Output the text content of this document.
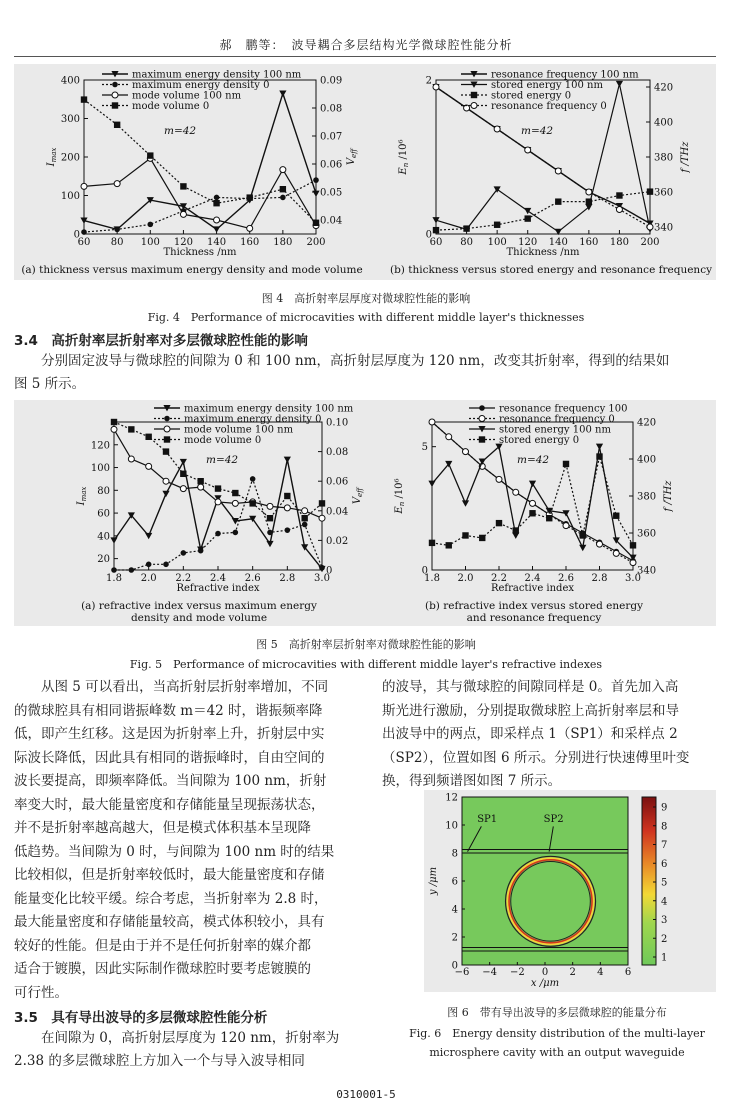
郝　鹏等：　波导耦合多层结构光学微球腔性能分析
(a) thickness versus maximum energy density and mode volume
60 80 100 120 140 160 180 200
0
100
200
300
400
0.04
0.05
0.06
0.07
0.08
0.09
Thickness /nm
$I_{max}$	$V_{eff}$
m=42
maximum energy density 100 nm
maximum energy density 0
mode volume 100 nm
mode volume 0
(b) thickness versus stored energy and resonance frequency
60 80 100 120 140 160 180 200
0
2
340
360
380
400
420
Thickness /nm
$E_n$ /10⁶	f /THz
m=42
resonance frequency 100 nm
stored energy 100 nm
stored energy 0
resonance frequency 0
图 4　高折射率层厚度对微球腔性能的影响
Fig. 4　Performance of microcavities with different middle layer's thicknesses
3.4　高折射率层折射率对多层微球腔性能的影响
分别固定波导与微球腔的间隙为 0 和 100 nm，高折射层厚度为 120 nm，改变其折射率，得到的结果如
图 5 所示。
(a) refractive index versus maximum energy
density and mode volume
1.8 2.0 2.2 2.4 2.6 2.8 3.0
20
40
60
80
100
120
0
0.02
0.04
0.06
0.08
0.10
Refractive index
$I_{max}$	$V_{eff}$
m=42
maximum energy density 100 nm
maximum energy density 0
mode volume 100 nm
mode volume 0
(b) refractive index versus stored energy
and resonance frequency
1.8 2.0 2.2 2.4 2.6 2.8 3.0
0
5
340
360
380
400
420
Refractive index
$E_n$ /10⁶	f /THz
m=42
resonance frequency 100
resonance frequency 0
stored energy 100 nm
stored energy 0
图 5　高折射率层折射率对微球腔性能的影响
Fig. 5　Performance of microcavities with different middle layer's refractive indexes
从图 5 可以看出，当高折射层折射率增加，不同
的微球腔具有相同谐振峰数 m＝42 时，谐振频率降
低，即产生红移。这是因为折射率上升，折射层中实
际波长降低，因此具有相同的谐振峰时，自由空间的
波长要提高，即频率降低。当间隙为 100 nm，折射
率变大时，最大能量密度和存储能量呈现振荡状态，
并不是折射率越高越大，但是模式体积基本呈现降
低趋势。当间隙为 0 时，与间隙为 100 nm 时的结果
比较相似，但是折射率较低时，最大能量密度和存储
能量变化比较平缓。综合考虑，当折射率为 2.8 时，
最大能量密度和存储能量较高，模式体积较小，具有
较好的性能。但是由于并不是任何折射率的媒介都
适合于镀膜，因此实际制作微球腔时要考虑镀膜的
可行性。
3.5　具有导出波导的多层微球腔性能分析
在间隙为 0，高折射层厚度为 120 nm，折射率为
2.38 的多层微球腔上方加入一个与导入波导相同
的波导，其与微球腔的间隙同样是 0。首先加入高
斯光进行激励，分别提取微球腔上高折射率层和导
出波导中的两点，即采样点 1（SP1）和采样点 2
（SP2），位置如图 6 所示。分别进行快速傅里叶变
换，得到频谱图如图 7 所示。
SP1	SP2
−6 −4 −2 0 2 4 6
0
2
4
6
8
10
12
x /μm
y /μm
1
2
3
4
5
6
7
8
9
图 6　带有导出波导的多层微球腔的能量分布
Fig. 6　Energy density distribution of the multi-layer
microsphere cavity with an output waveguide
0310001-5
